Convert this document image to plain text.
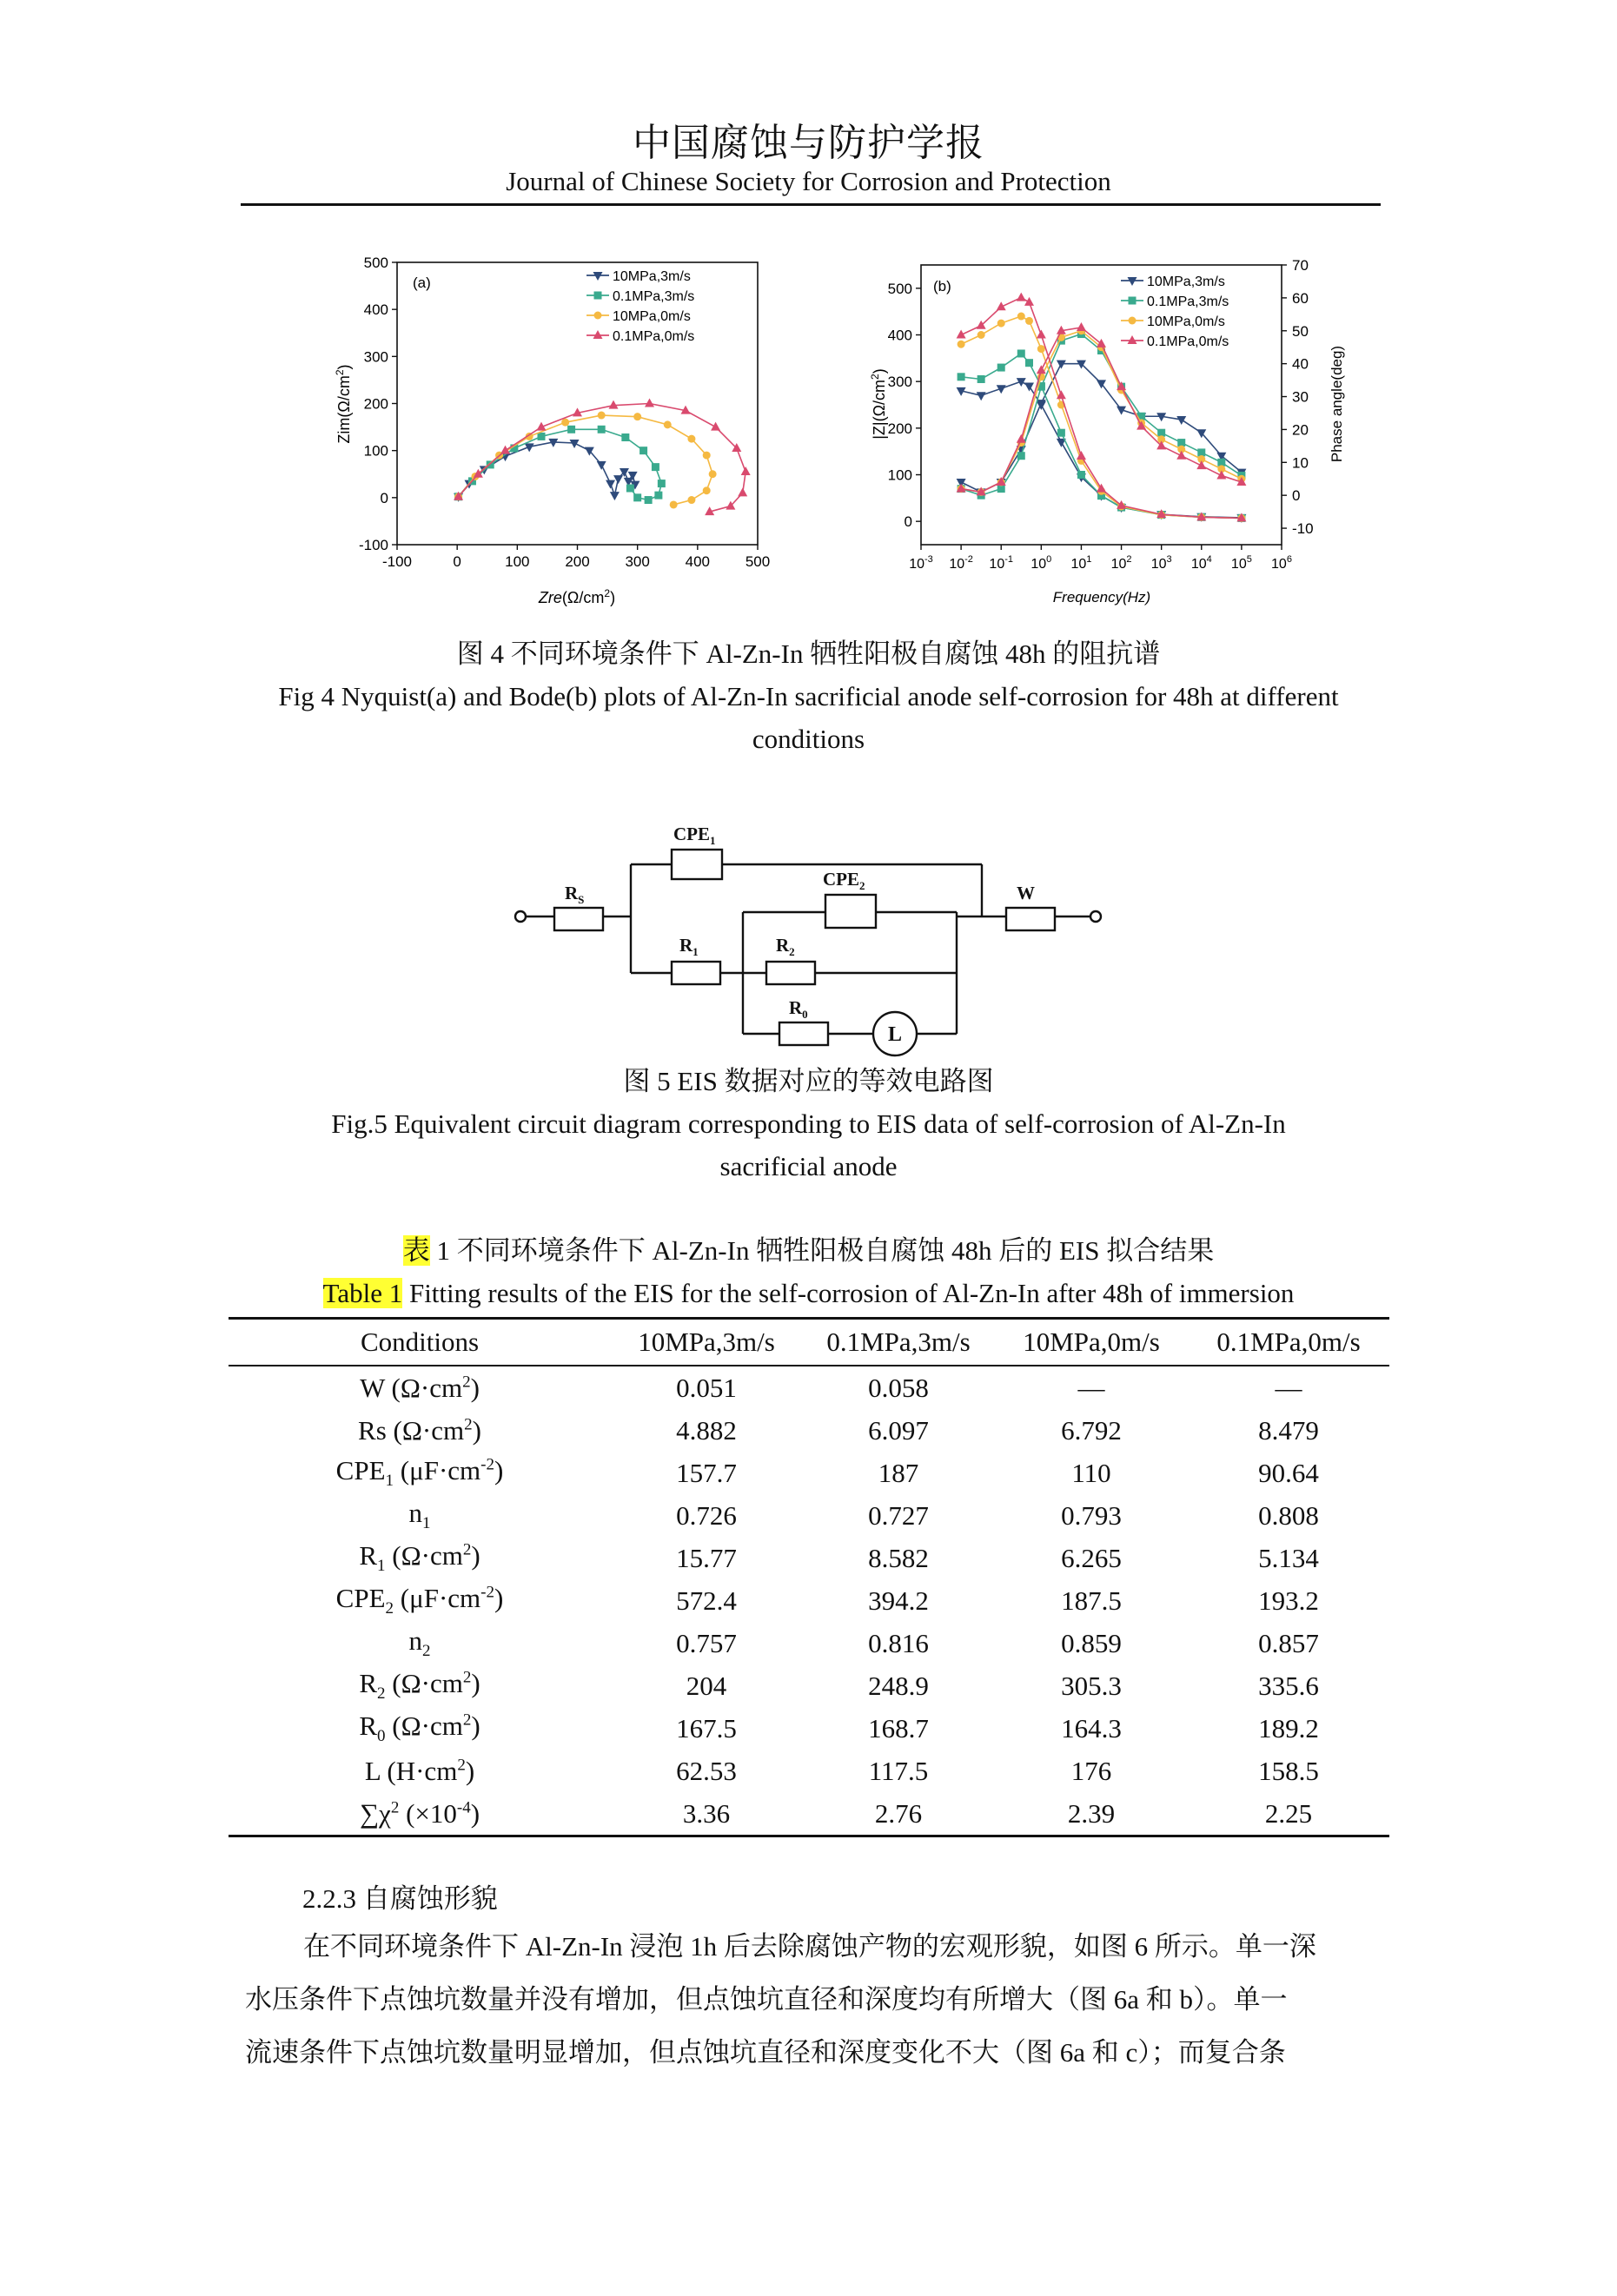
中国腐蚀与防护学报
Journal of Chinese Society for Corrosion and Protection
-100	0	100 200 300 400 500
-100
0
100
200
300
400
500
(a)	10MPa,3m/s
0.1MPa,3m/s
10MPa,0m/s
0.1MPa,0m/s
$Zre(\Omega/cm^2)$
$Zim(\Omega/cm^2)$
$10^{-3}$ $10^{-2}$ $10^{-1}$ $10^0$ $10^1$ $10^2$ $10^3$ $10^4$ $10^5$ $10^6$
0
100
200
300
400
500
-10
0
10
20
30
40
50
60
70
(b)	10MPa,3m/s
0.1MPa,3m/s
10MPa,0m/s
0.1MPa,0m/s
Frequency(Hz)
$|Z|(\Omega/cm^2)$	Phase angle(deg)
图 4 不同环境条件下 Al-Zn-In 牺牲阳极自腐蚀 48h 的阻抗谱
Fig 4 Nyquist(a) and Bode(b) plots of Al-Zn-In sacrificial anode self-corrosion for 48h at different
conditions
$R_S$
$CPE_1$
$CPE_2$
$R_1$	$R_2$
$R_0$
L
W
图 5 EIS 数据对应的等效电路图
Fig.5 Equivalent circuit diagram corresponding to EIS data of self-corrosion of Al-Zn-In
sacrificial anode
表 1 不同环境条件下 Al-Zn-In 牺牲阳极自腐蚀 48h 后的 EIS 拟合结果
Table 1 Fitting results of the EIS for the self-corrosion of Al-Zn-In after 48h of immersion
Conditions	10MPa,3m/s	0.1MPa,3m/s	10MPa,0m/s	0.1MPa,0m/s
W $(\Omega\cdot cm^2)$	0.051	0.058	—	—
Rs $(\Omega\cdot cm^2)$	4.882	6.097	6.792	8.479
$CPE_1$ $(\mu F\cdot cm^{-2})$	157.7	187	110	90.64
$n_1$	0.726	0.727	0.793	0.808
$R_1$ $(\Omega\cdot cm^2)$	15.77	8.582	6.265	5.134
$CPE_2$ $(\mu F\cdot cm^{-2})$	572.4	394.2	187.5	193.2
$n_2$	0.757	0.816	0.859	0.857
$R_2$ $(\Omega\cdot cm^2)$	204	248.9	305.3	335.6
$R_0$ $(\Omega\cdot cm^2)$	167.5	168.7	164.3	189.2
L $(H\cdot cm^2)$	62.53	117.5	176	158.5
$\sum\chi^2$ $(\times 10^{-4})$	3.36	2.76	2.39	2.25
2.2.3 自腐蚀形貌

在不同环境条件下 Al-Zn-In 浸泡 1h 后去除腐蚀产物的宏观形貌，如图 6 所示。单一深

水压条件下点蚀坑数量并没有增加，但点蚀坑直径和深度均有所增大（图 6a 和 b）。单一

流速条件下点蚀坑数量明显增加，但点蚀坑直径和深度变化不大（图 6a 和 c）；而复合条
